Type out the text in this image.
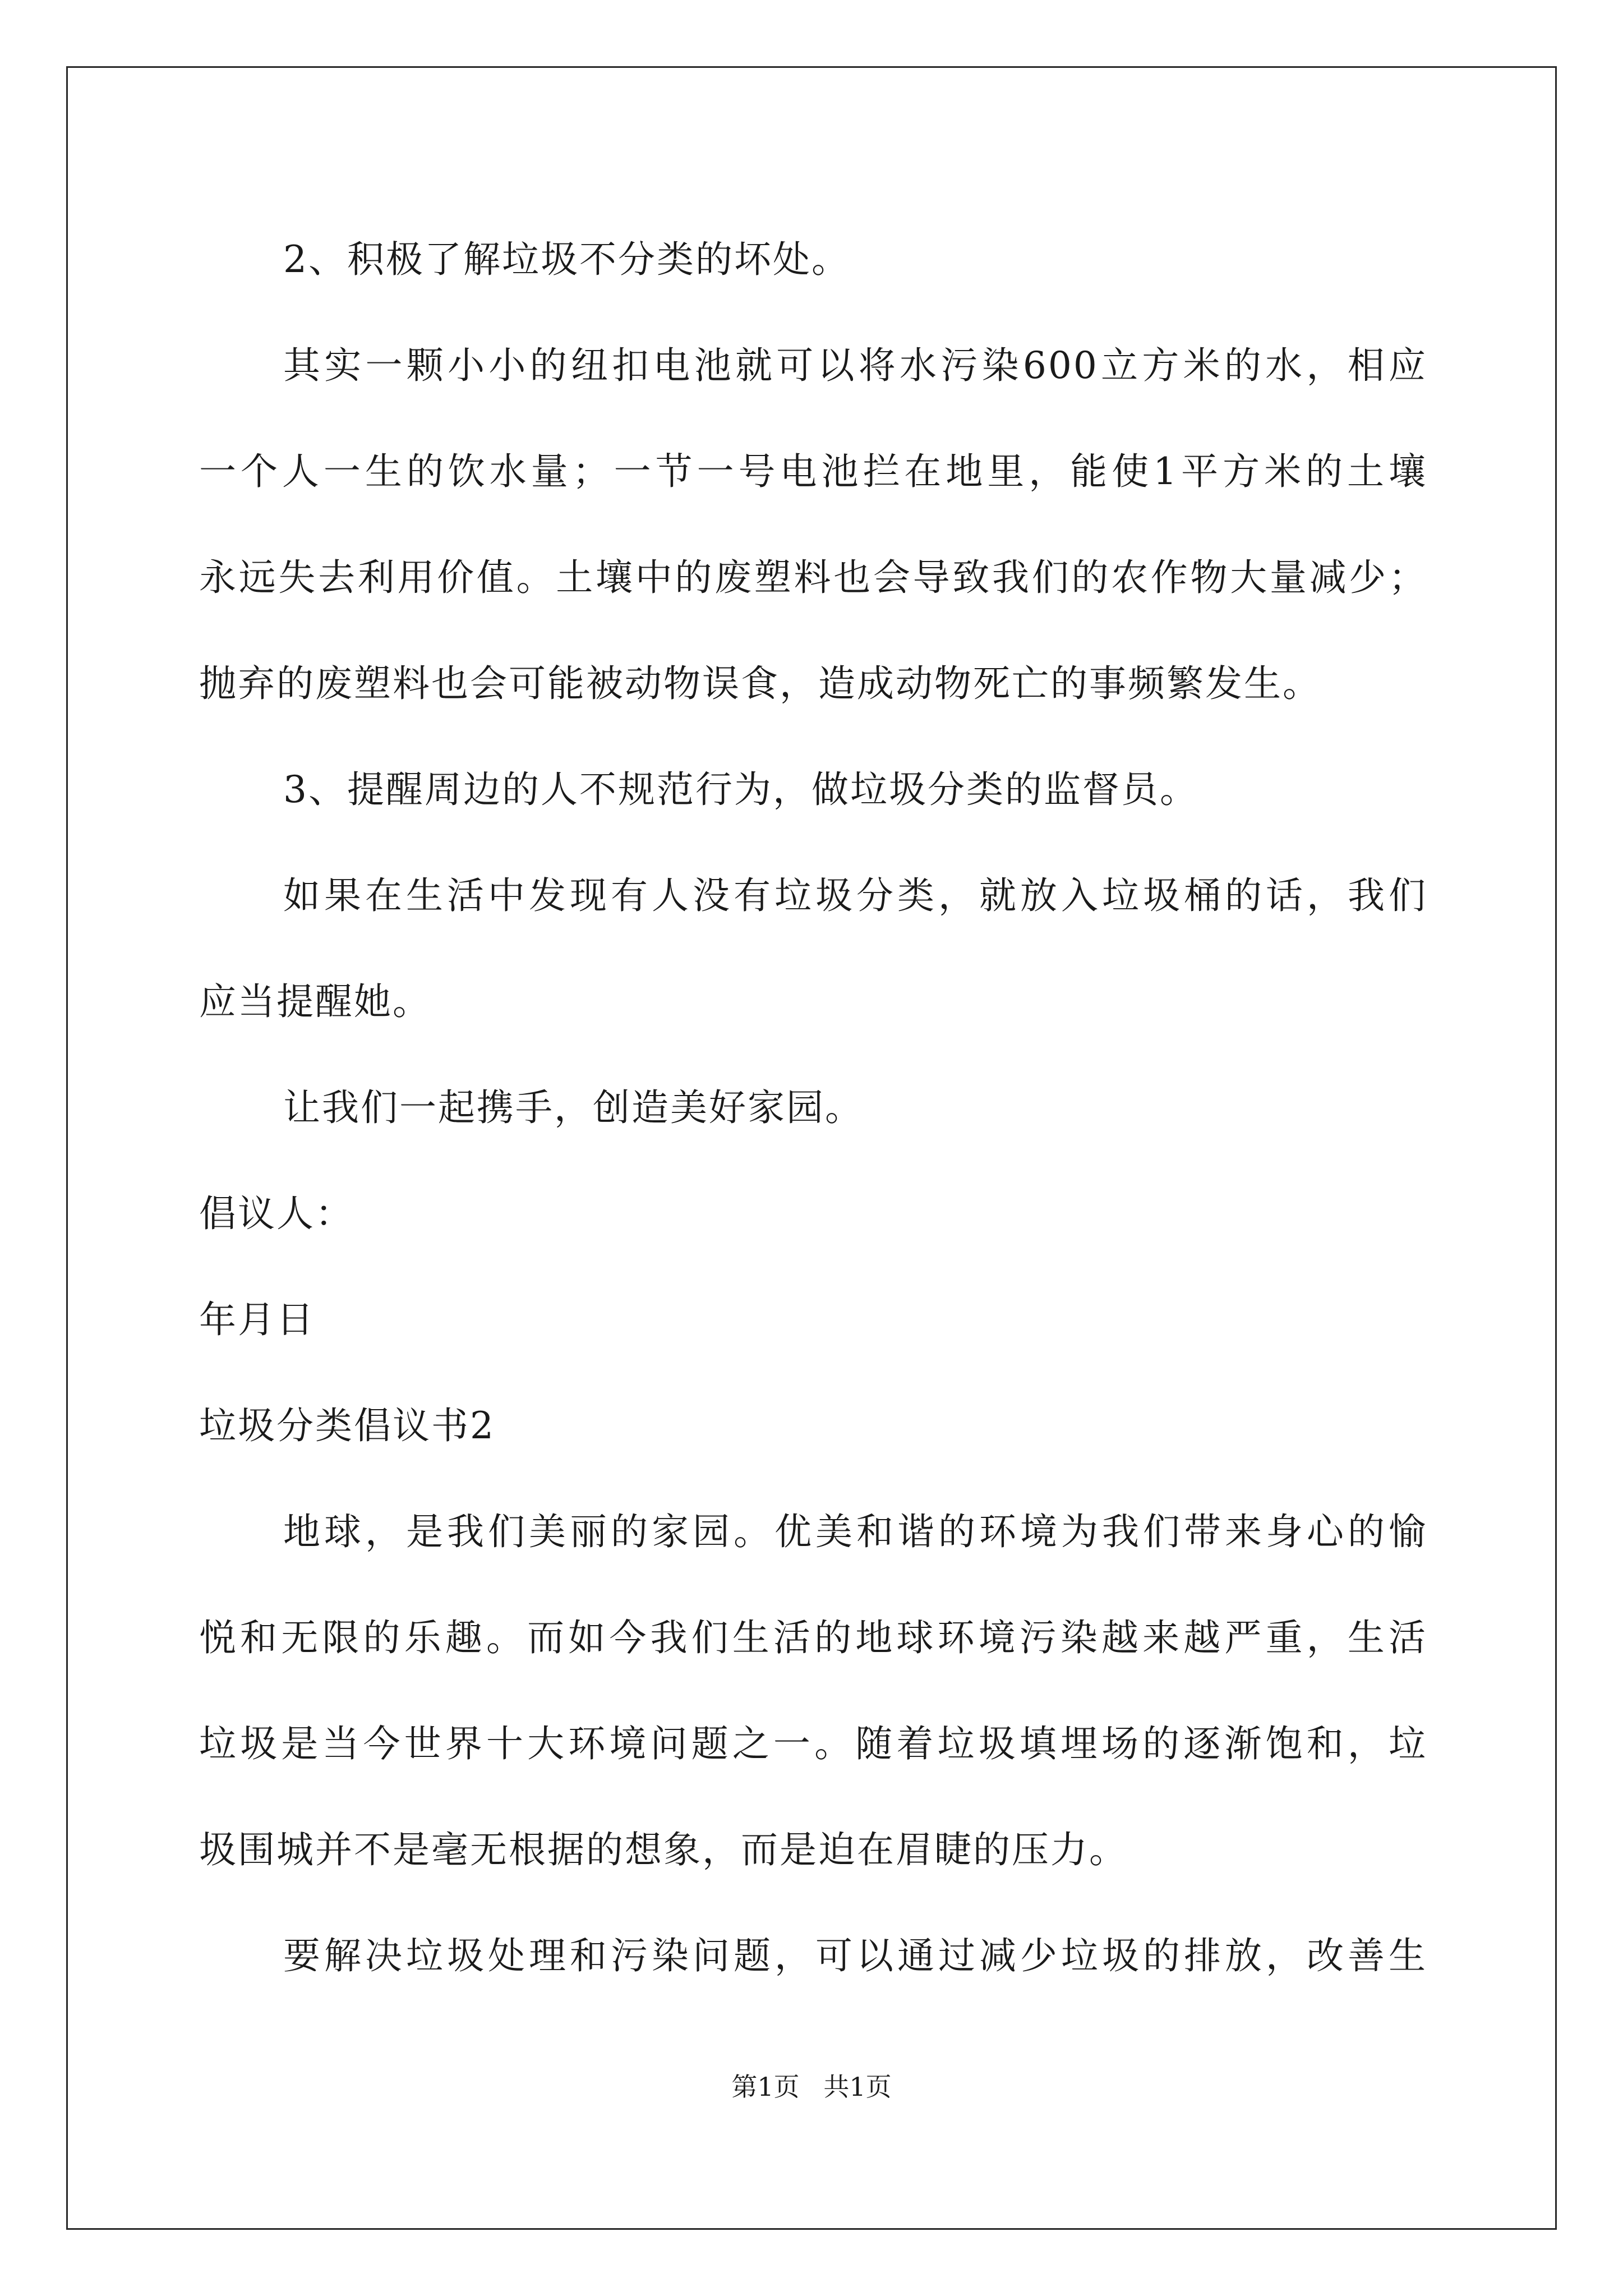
2、积极了解垃圾不分类的坏处。
其实一颗小小的纽扣电池就可以将水污染600立方米的水，相应
一个人一生的饮水量；一节一号电池拦在地里，能使1平方米的土壤
永远失去利用价值。土壤中的废塑料也会导致我们的农作物大量减少；
抛弃的废塑料也会可能被动物误食，造成动物死亡的事频繁发生。
3、提醒周边的人不规范行为，做垃圾分类的监督员。
如果在生活中发现有人没有垃圾分类，就放入垃圾桶的话，我们
应当提醒她。
让我们一起携手，创造美好家园。
倡议人：
年月日
垃圾分类倡议书2
地球，是我们美丽的家园。优美和谐的环境为我们带来身心的愉
悦和无限的乐趣。而如今我们生活的地球环境污染越来越严重，生活
垃圾是当今世界十大环境问题之一。随着垃圾填埋场的逐渐饱和，垃
圾围城并不是毫无根据的想象，而是迫在眉睫的压力。
要解决垃圾处理和污染问题，可以通过减少垃圾的排放，改善生
第1页 共1页
